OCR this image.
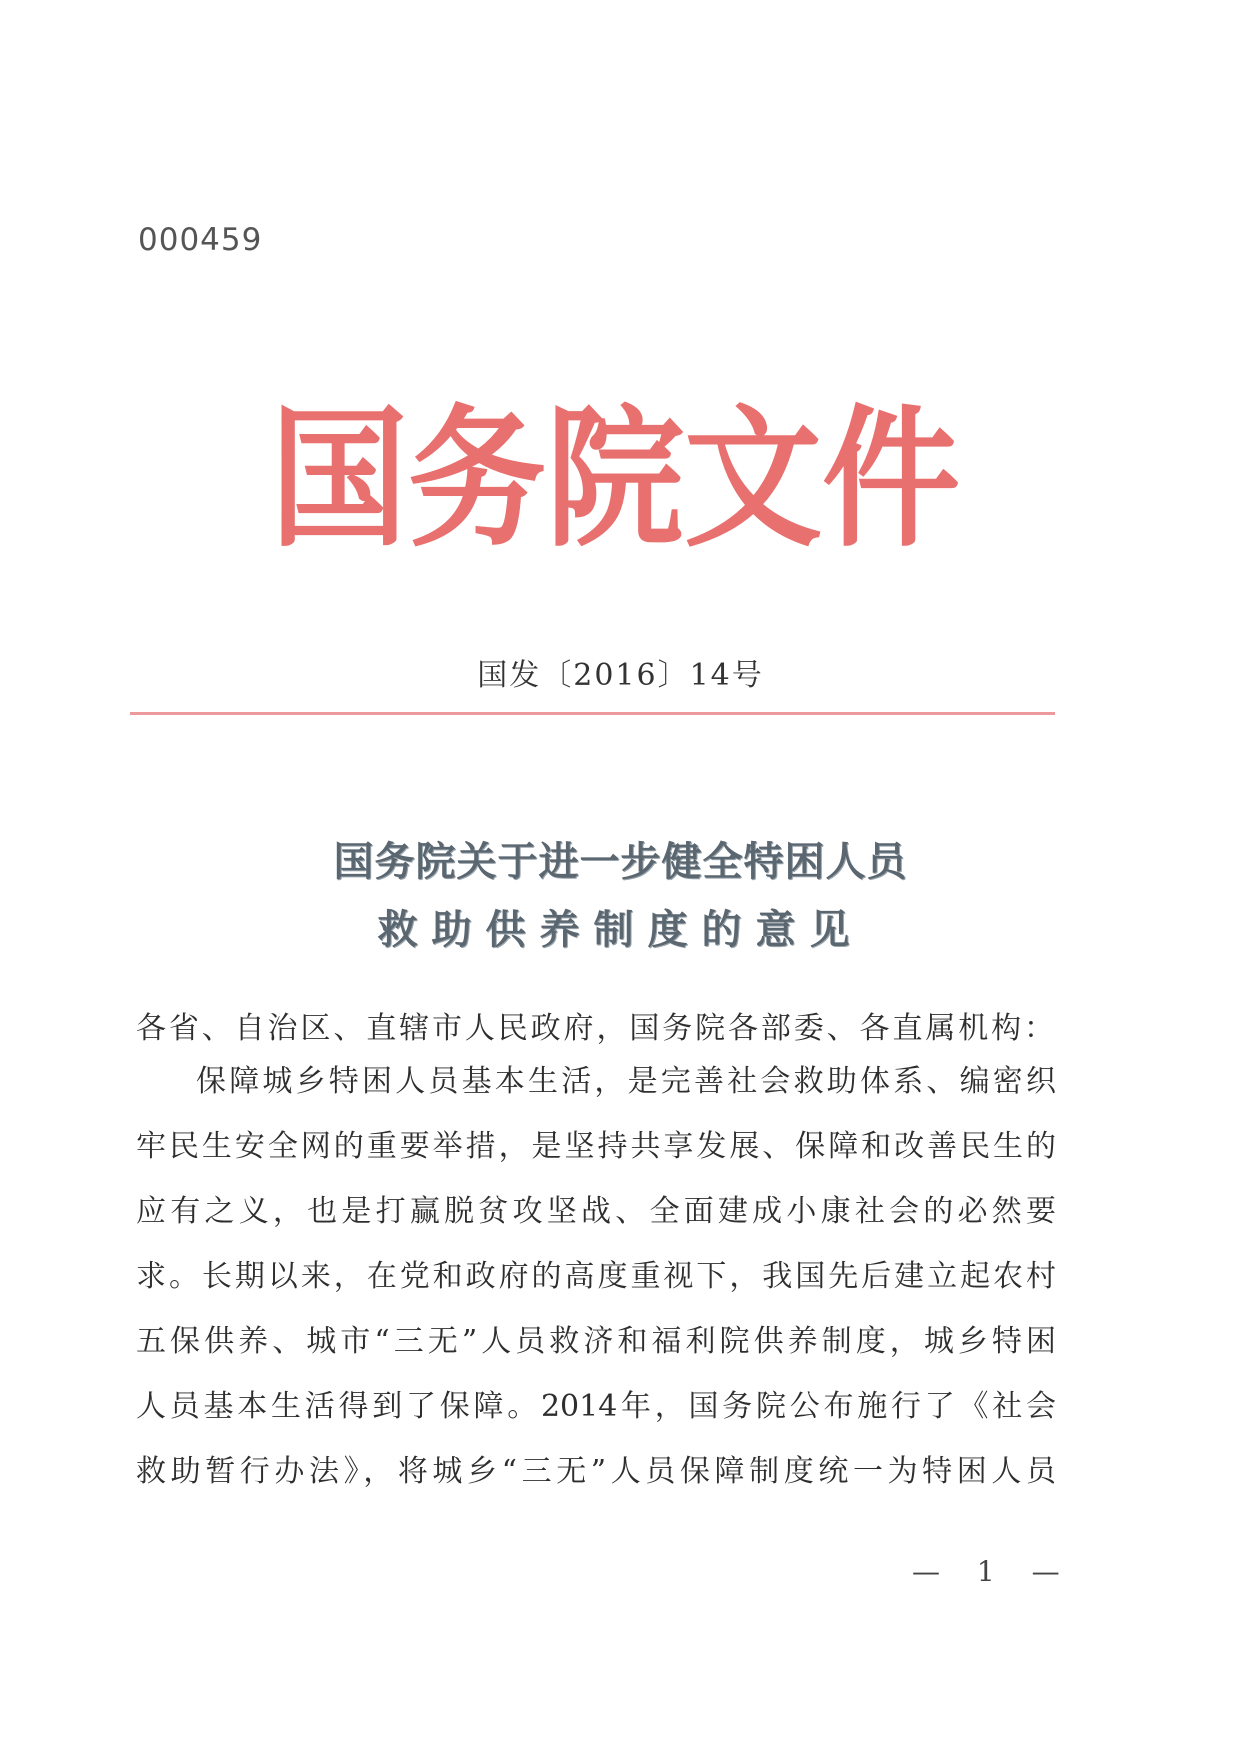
000459
国 务 院 文 件
国发〔2016〕14号
国务院关于进一步健全特困人员
救助供养制度的意见
各省、自治区、直辖市人民政府，国务院各部委、各直属机构：
保障城乡特困人员基本生活，是完善社会救助体系、编密织
牢民生安全网的重要举措，是坚持共享发展、保障和改善民生的
应有之义，也是打赢脱贫攻坚战、全面建成小康社会的必然要
求。长期以来，在党和政府的高度重视下，我国先后建立起农村
五保供养、城市“三无”人员救济和福利院供养制度，城乡特困
人员基本生活得到了保障。2014年，国务院公布施行了《社会
救助暂行办法》，将城乡“三无”人员保障制度统一为特困人员
— 1 —
